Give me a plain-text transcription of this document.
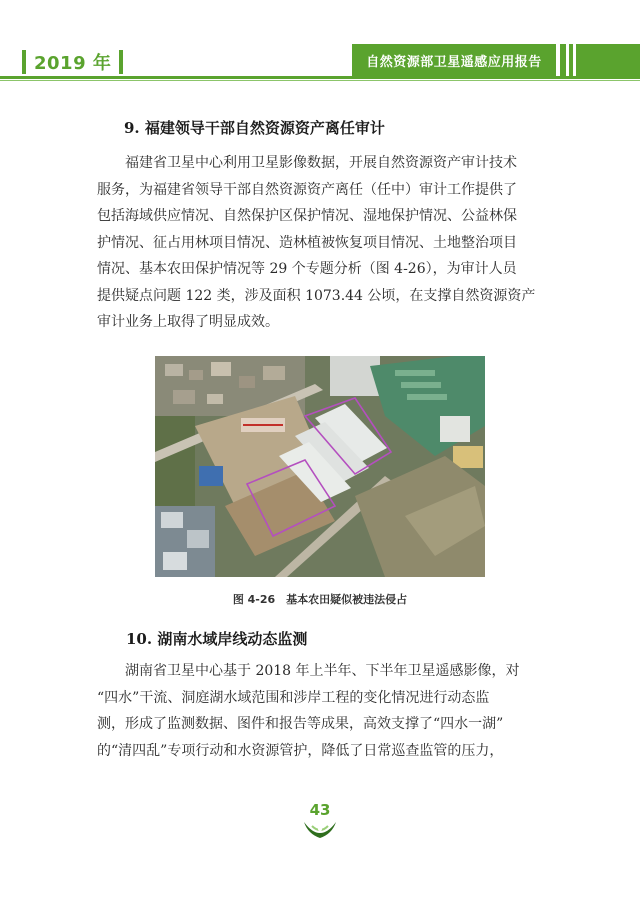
2019 年	自然资源部卫星遥感应用报告
9. 福建领导干部自然资源资产离任审计

福建省卫星中心利用卫星影像数据，开展自然资源资产审计技术

服务，为福建省领导干部自然资源资产离任（任中）审计工作提供了

包括海域供应情况、自然保护区保护情况、湿地保护情况、公益林保

护情况、征占用林项目情况、造林植被恢复项目情况、土地整治项目

情况、基本农田保护情况等 29 个专题分析（图 4-26），为审计人员

提供疑点问题 122 类，涉及面积 1073.44 公顷，在支撑自然资源资产

审计业务上取得了明显成效。

图 4-26　基本农田疑似被违法侵占
10. 湖南水域岸线动态监测

湖南省卫星中心基于 2018 年上半年、下半年卫星遥感影像，对

“四水”干流、洞庭湖水域范围和涉岸工程的变化情况进行动态监

测，形成了监测数据、图件和报告等成果，高效支撑了“四水一湖”

的“清四乱”专项行动和水资源管护，降低了日常巡查监管的压力，

43
